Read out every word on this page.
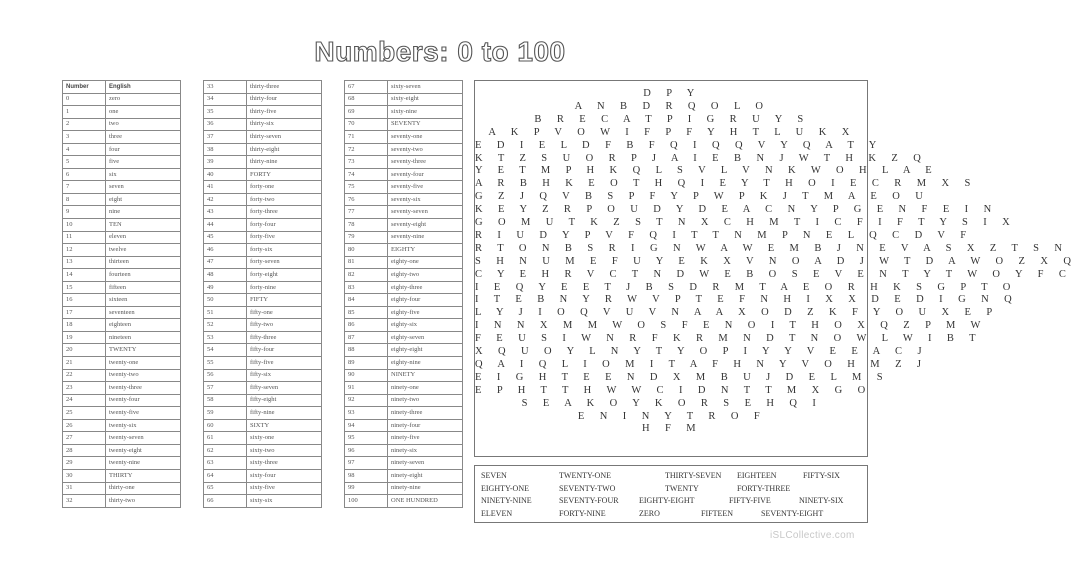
Numbers: 0 to 100
Number	English
0	zero
1	one
2	two
3	three
4	four
5	five
6	six
7	seven
8	eight
9	nine
10	TEN
11	eleven
12	twelve
13	thirteen
14	fourteen
15	fifteen
16	sixteen
17	seventeen
18	eighteen
19	nineteen
20	TWENTY
21	twenty-one
22	twenty-two
23	twenty-three
24	twenty-four
25	twenty-five
26	twenty-six
27	twenty-seven
28	twenty-eight
29	twenty-nine
30	THIRTY
31	thirty-one
32	thirty-two
33	thirty-three
34	thirty-four
35	thirty-five
36	thirty-six
37	thirty-seven
38	thirty-eight
39	thirty-nine
40	FORTY
41	forty-one
42	forty-two
43	forty-three
44	forty-four
45	forty-five
46	forty-six
47	forty-seven
48	forty-eight
49	forty-nine
50	FIFTY
51	fifty-one
52	fifty-two
53	fifty-three
54	fifty-four
55	fifty-five
56	fifty-six
57	fifty-seven
58	fifty-eight
59	fifty-nine
60	SIXTY
61	sixty-one
62	sixty-two
63	sixty-three
64	sixty-four
65	sixty-five
66	sixty-six
67	sixty-seven
68	sixty-eight
69	sixty-nine
70	SEVENTY
71	seventy-one
72	seventy-two
73	seventy-three
74	seventy-four
75	seventy-five
76	seventy-six
77	seventy-seven
78	seventy-eight
79	seventy-nine
80	EIGHTY
81	eighty-one
82	eighty-two
83	eighty-three
84	eighty-four
85	eighty-five
86	eighty-six
87	eighty-seven
88	eighty-eight
89	eighty-nine
90	NINETY
91	ninety-one
92	ninety-two
93	ninety-three
94	ninety-four
95	ninety-five
96	ninety-six
97	ninety-seven
98	ninety-eight
99	ninety-nine
100	ONE HUNDRED
D P Y
A N B D R Q O L O
B R E C A T P I G R U Y S
A K P V O W I F P F Y H T L U K X
E D I E L D F B F Q I Q Q V Y Q A T Y
K T Z S U O R P J A I E B N J W T H K Z Q
Y E T M P H K Q L S V L V N K W O H L A E
A R B H K E O T H Q I E Y T H O I E C R M X S
G Z J Q V B S P F Y P W P K J T M A E O U
K E Y Z R P O U D Y D E A C N Y P G E N F E I N
G O M U T K Z S T N X C H M T I C F I F T Y S I X
R I U D Y P V F Q I T T N M P N E L Q C D V F
R T O N B S R I G N W A W E M B J N E V A S X Z T S N
S H N U M E F U Y E K X V N O A D J W T D A W O Z X Q
C Y E H R V C T N D W E B O S E V E N T Y T W O Y F C
I E Q Y E E T J B S D R M T A E O R H K S G P T O
I T E B N Y R W V P T E F N H I X X D E D I G N Q
L Y J I O Q V U V N A A X O D Z K F Y O U X E P
I N N X M M W O S F E N O I T H O X Q Z P M W
F E U S I W N R F K R M N D T N O W L W I B T
X Q U O Y L N Y T Y O P I Y Y V E E A C J
Q A I Q L I O M I T A F H N Y V O H M Z J
E I G H T E E N D X M B U J D E L M S
E P H T T H W W C I D N T T M X G O
S E A K O Y K O R S E H Q I
E N I N Y T R O F
H F M
SEVEN	TWENTY-ONE	THIRTY-SEVEN EIGHTEEN	FIFTY-SIX
EIGHTY-ONE	SEVENTY-TWO	TWENTY	FORTY-THREE
NINETY-NINE	SEVENTY-FOUR	EIGHTY-EIGHT	FIFTY-FIVE	NINETY-SIX
ELEVEN	FORTY-NINE	ZERO	FIFTEEN	SEVENTY-EIGHT
iSLCollective.com
